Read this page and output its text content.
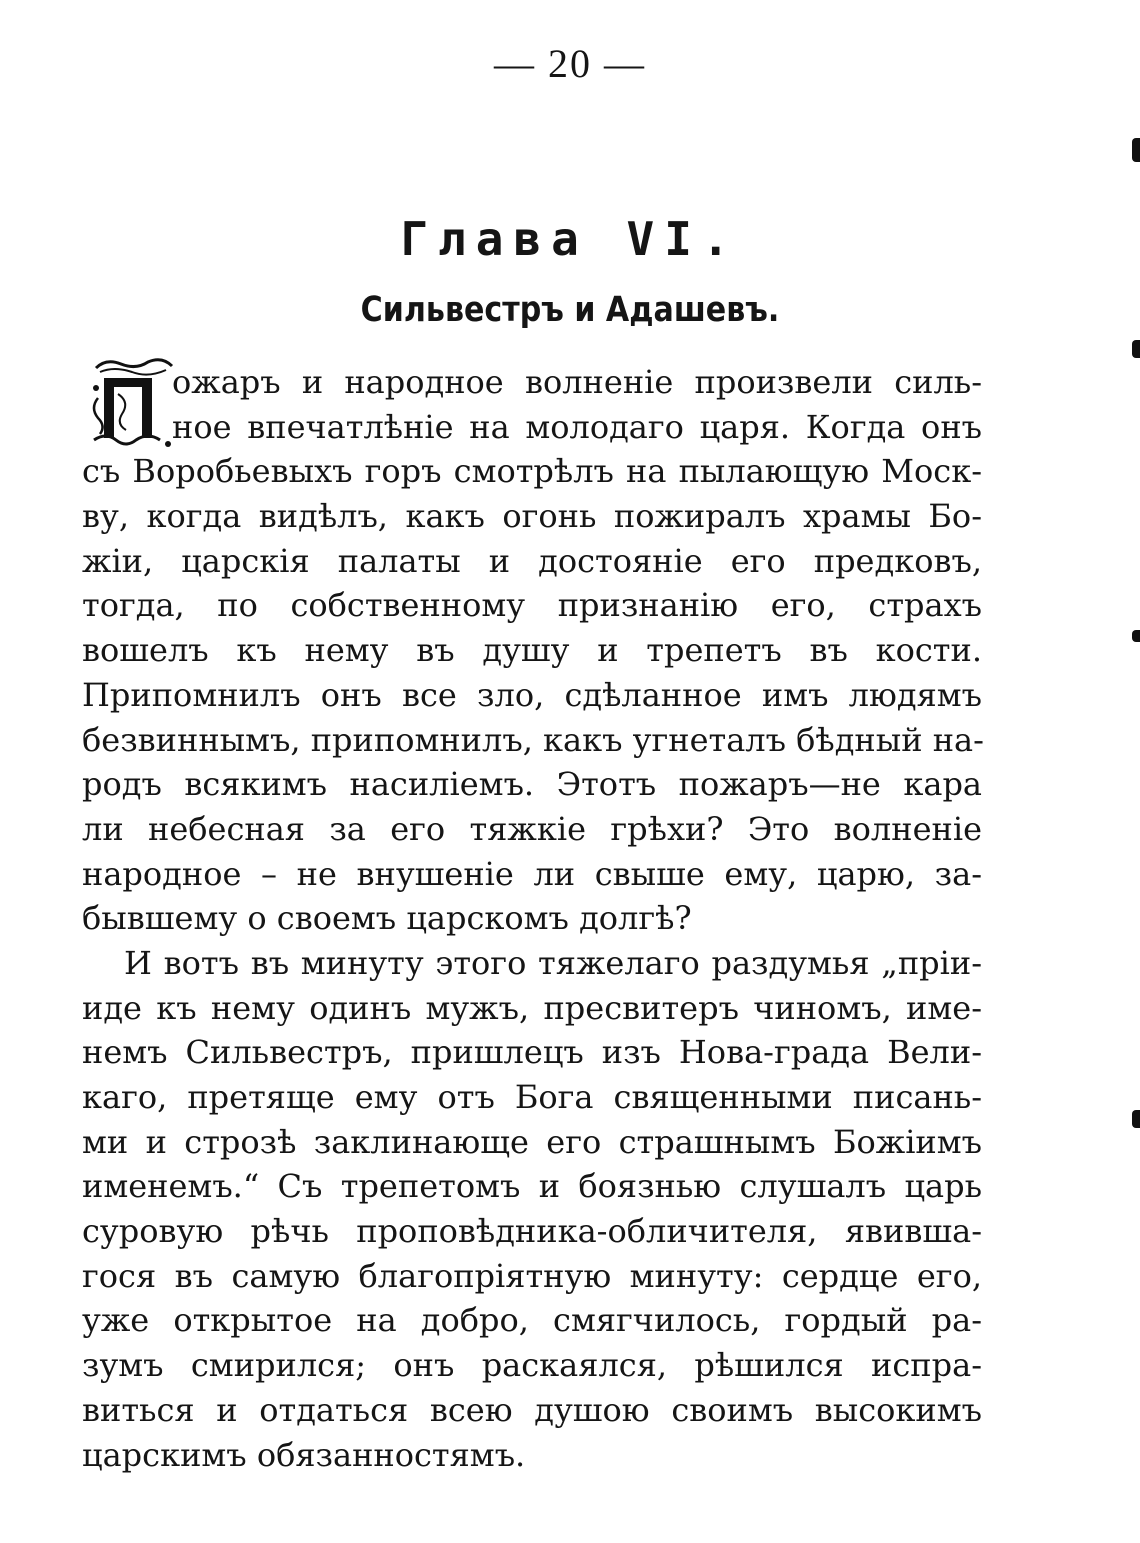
— 20 —
Глава VI.
Сильвестръ и Адашевъ.
ожаръ и народное волненіе произвели силь-
ное впечатлѣніе на молодаго царя. Когда онъ
съ Воробьевыхъ горъ смотрѣлъ на пылающую Моск-
ву, когда видѣлъ, какъ огонь пожиралъ храмы Бо-
жіи, царскія палаты и достояніе его предковъ,
тогда, по собственному признанію его, страхъ
вошелъ къ нему въ душу и трепетъ въ кости.
Припомнилъ онъ все зло, сдѣланное имъ людямъ
безвиннымъ, припомнилъ, какъ угнеталъ бѣдный на-
родъ всякимъ насиліемъ. Этотъ пожаръ—не кара
ли небесная за его тяжкіе грѣхи? Это волненіе
народное – не внушеніе ли свыше ему, царю, за-
бывшему о своемъ царскомъ долгѣ?
И вотъ въ минуту этого тяжелаго раздумья „пріи-
иде къ нему одинъ мужъ, пресвитеръ чиномъ, име-
немъ Сильвестръ, пришлецъ изъ Нова-града Вели-
каго, претяще ему отъ Бога священными писань-
ми и строзѣ заклинающе его страшнымъ Божіимъ
именемъ.“ Съ трепетомъ и боязнью слушалъ царь
суровую рѣчь проповѣдника-обличителя, явивша-
гося въ самую благопріятную минуту: сердце его,
уже открытое на добро, смягчилось, гордый ра-
зумъ смирился; онъ раскаялся, рѣшился испра-
виться и отдаться всею душою своимъ высокимъ
царскимъ обязанностямъ.
